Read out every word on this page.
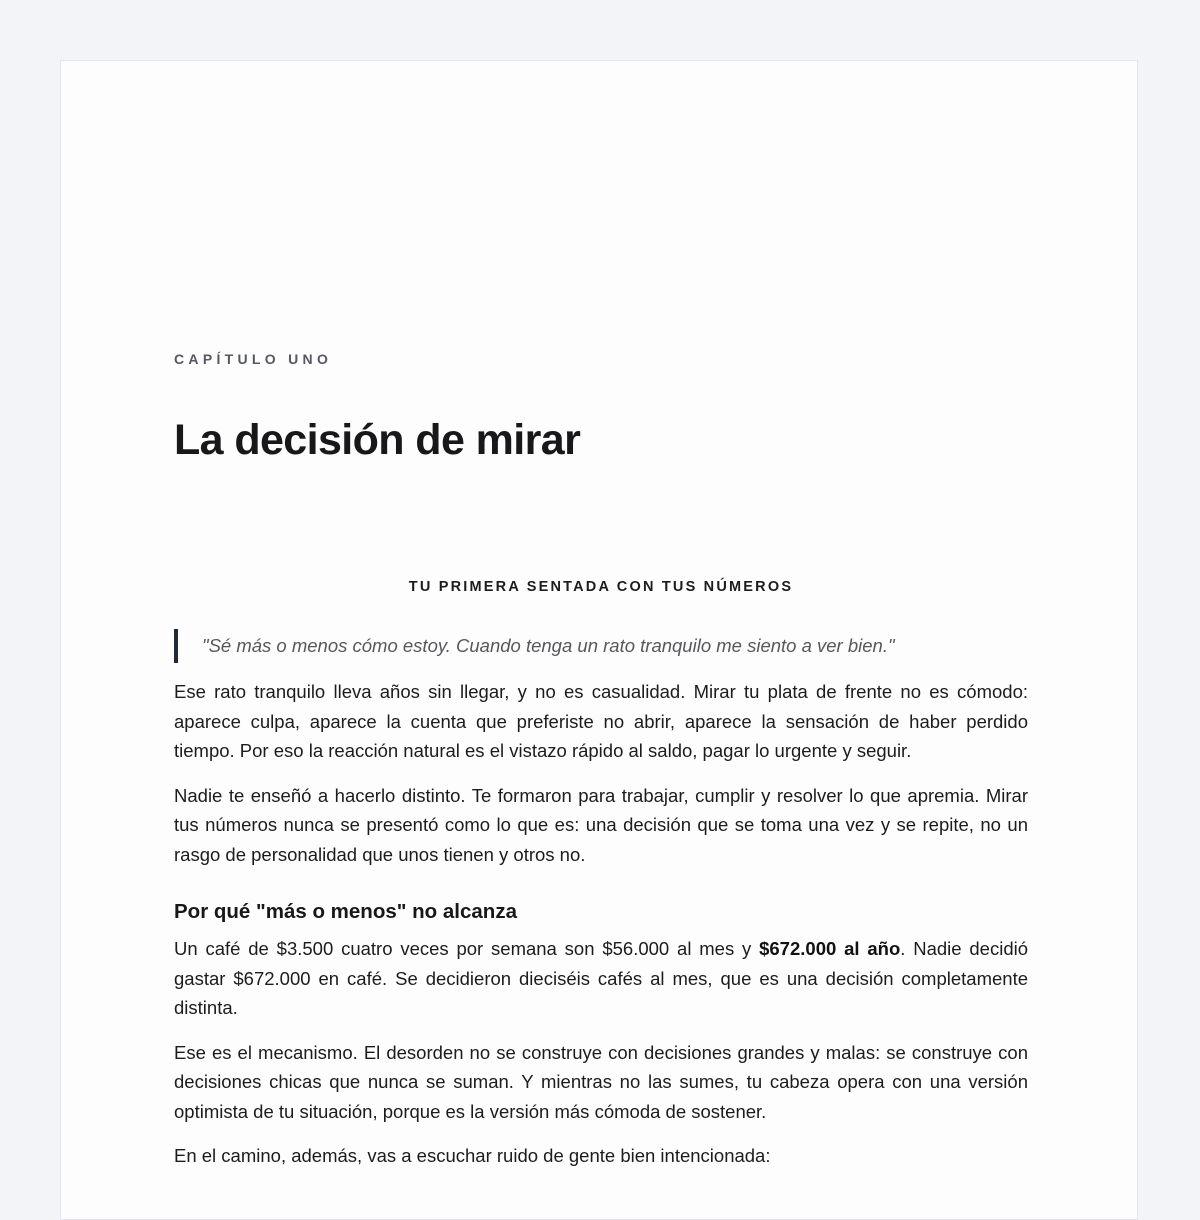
CAPÍTULO UNO

La decisión de mirar

TU PRIMERA SENTADA CON TUS NÚMEROS

"Sé más o menos cómo estoy. Cuando tenga un rato tranquilo me siento a ver bien."

Ese rato tranquilo lleva años sin llegar, y no es casualidad. Mirar tu plata de frente no es cómodo: aparece culpa, aparece la cuenta que preferiste no abrir, aparece la sensación de haber perdido tiempo. Por eso la reacción natural es el vistazo rápido al saldo, pagar lo urgente y seguir.

Nadie te enseñó a hacerlo distinto. Te formaron para trabajar, cumplir y resolver lo que apremia. Mirar tus números nunca se presentó como lo que es: una decisión que se toma una vez y se repite, no un rasgo de personalidad que unos tienen y otros no.

Por qué "más o menos" no alcanza

Un café de $3.500 cuatro veces por semana son $56.000 al mes y $672.000 al año. Nadie decidió gastar $672.000 en café. Se decidieron dieciséis cafés al mes, que es una decisión completamente distinta.

Ese es el mecanismo. El desorden no se construye con decisiones grandes y malas: se construye con decisiones chicas que nunca se suman. Y mientras no las sumes, tu cabeza opera con una versión optimista de tu situación, porque es la versión más cómoda de sostener.

En el camino, además, vas a escuchar ruido de gente bien intencionada:
